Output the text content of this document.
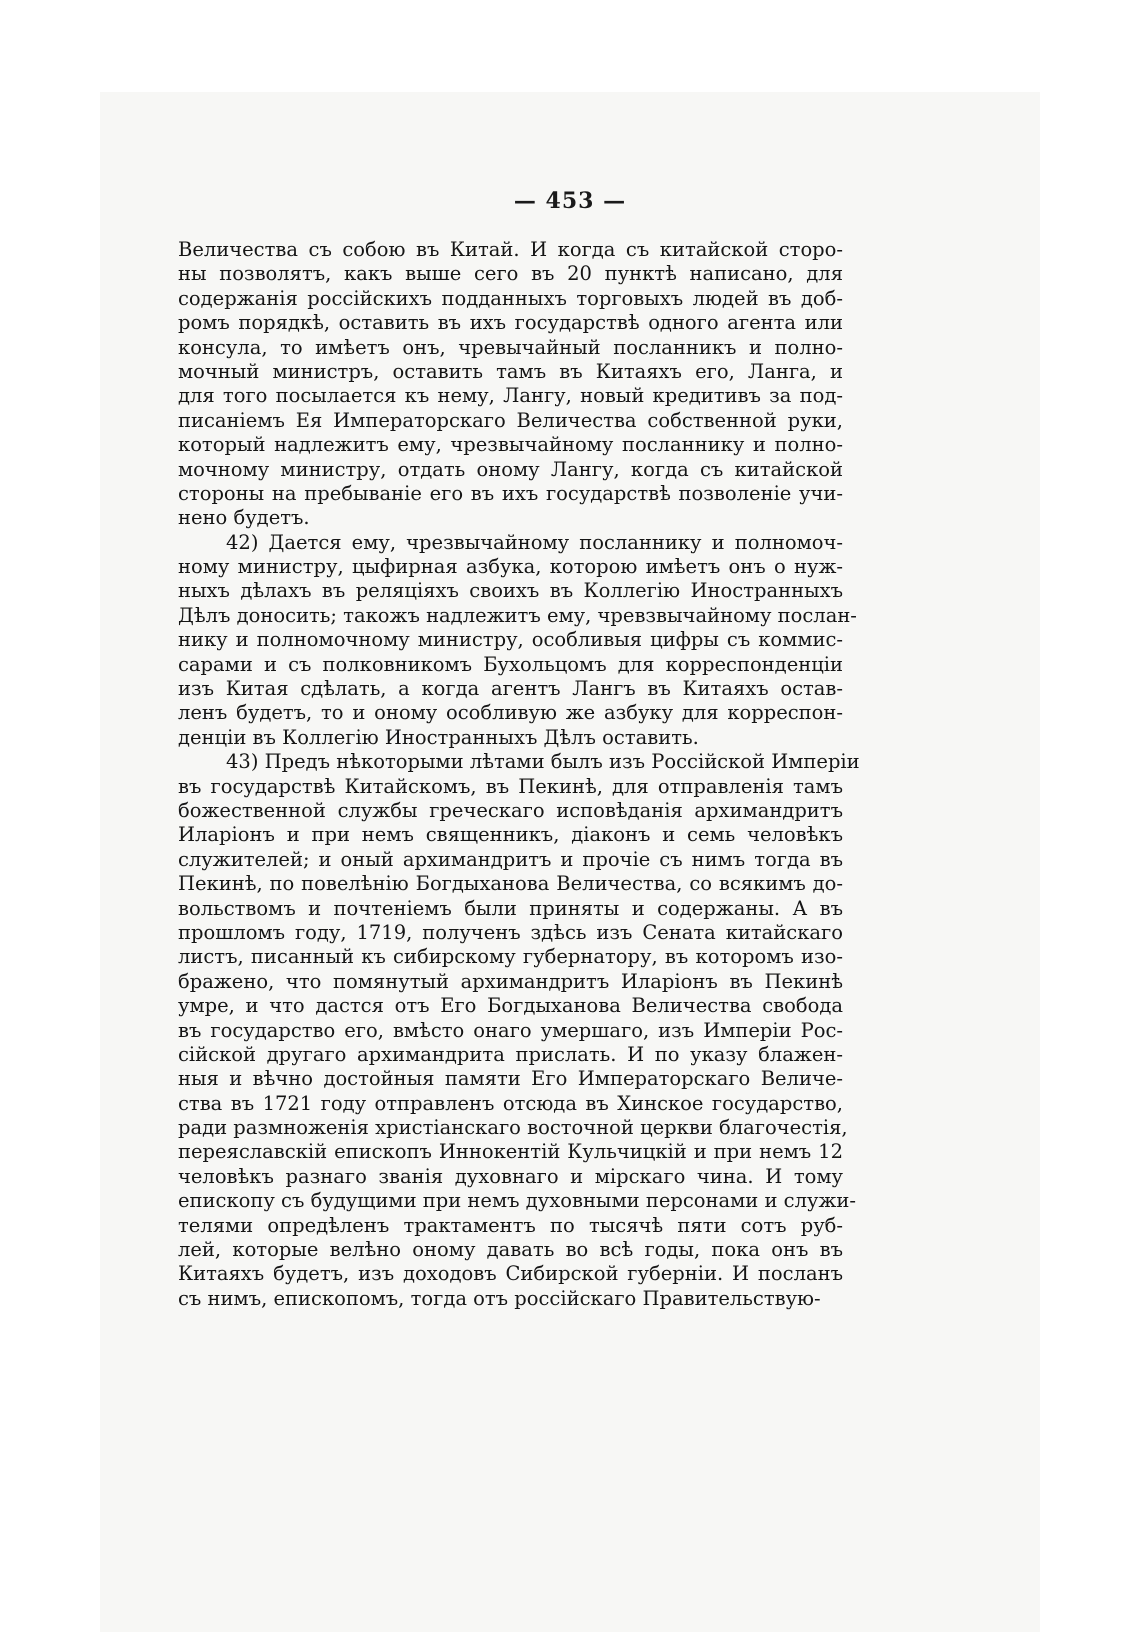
— 453 —
Величества съ собою въ Китай. И когда съ китайской сторо-
ны позволятъ, какъ выше сего въ 20 пунктѣ написано, для
содержанія россійскихъ подданныхъ торговыхъ людей въ доб-
ромъ порядкѣ, оставить въ ихъ государствѣ одного агента или
консула, то имѣетъ онъ, чревычайный посланникъ и полно-
мочный министръ, оставить тамъ въ Китаяхъ его, Ланга, и
для того посылается къ нему, Лангу, новый кредитивъ за под-
писаніемъ Ея Императорскаго Величества собственной руки,
который надлежитъ ему, чрезвычайному посланнику и полно-
мочному министру, отдать оному Лангу, когда съ китайской
стороны на пребываніе его въ ихъ государствѣ позволеніе учи-
нено будетъ.
42) Дается ему, чрезвычайному посланнику и полномоч-
ному министру, цыфирная азбука, которою имѣетъ онъ о нуж-
ныхъ дѣлахъ въ реляціяхъ своихъ въ Коллегію Иностранныхъ
Дѣлъ доносить; такожъ надлежитъ ему, чревзвычайному послан-
нику и полномочному министру, особливыя цифры съ коммис-
сарами и съ полковникомъ Бухольцомъ для корреспонденціи
изъ Китая сдѣлать, а когда агентъ Лангъ въ Китаяхъ остав-
ленъ будетъ, то и оному особливую же азбуку для корреспон-
денціи въ Коллегію Иностранныхъ Дѣлъ оставить.
43) Предъ нѣкоторыми лѣтами былъ изъ Россійской Имперіи
въ государствѣ Китайскомъ, въ Пекинѣ, для отправленія тамъ
божественной службы греческаго исповѣданія архимандритъ
Иларіонъ и при немъ священникъ, діаконъ и семь человѣкъ
служителей; и оный архимандритъ и прочіе съ нимъ тогда въ
Пекинѣ, по повелѣнію Богдыханова Величества, со всякимъ до-
вольствомъ и почтеніемъ были приняты и содержаны. А въ
прошломъ году, 1719, полученъ здѣсь изъ Сената китайскаго
листъ, писанный къ сибирскому губернатору, въ которомъ изо-
бражено, что помянутый архимандритъ Иларіонъ въ Пекинѣ
умре, и что дастся отъ Его Богдыханова Величества свобода
въ государство его, вмѣсто онаго умершаго, изъ Имперіи Рос-
сійской другаго архимандрита прислать. И по указу блажен-
ныя и вѣчно достойныя памяти Его Императорскаго Величе-
ства въ 1721 году отправленъ отсюда въ Хинское государство,
ради размноженія христіанскаго восточной церкви благочестія,
переяславскій епископъ Иннокентій Кульчицкій и при немъ 12
человѣкъ разнаго званія духовнаго и мірскаго чина. И тому
епископу съ будущими при немъ духовными персонами и служи-
телями опредѣленъ трактаментъ по тысячѣ пяти сотъ руб-
лей, которые велѣно оному давать во всѣ годы, пока онъ въ
Китаяхъ будетъ, изъ доходовъ Сибирской губерніи. И посланъ
съ нимъ, епископомъ, тогда отъ россійскаго Правительствую-
